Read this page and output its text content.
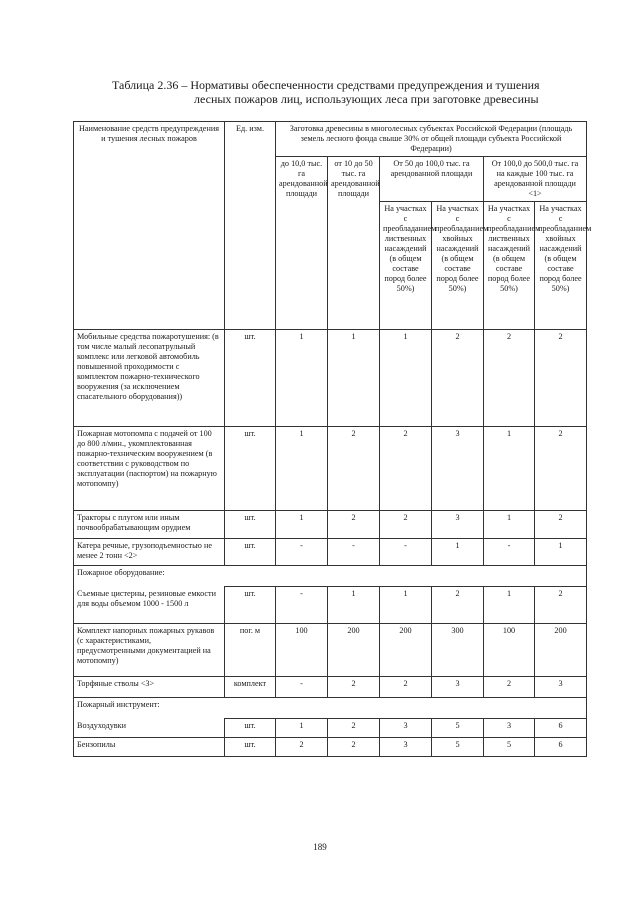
Таблица 2.36 – Нормативы обеспеченности средствами предупреждения и тушения
лесных пожаров лиц, использующих леса при заготовке древесины
Наименование средств предупреждения и тушения лесных пожаров	Ед. изм.	Заготовка древесины в многолесных субъектах Российской Федерации (площадь земель лесного фонда свыше 30% от общей площади субъекта Российской Федерации)					
		до 10,0 тыс. га арендованной площади	от 10 до 50 тыс. га арендованной площади	От 50 до 100,0 тыс. га арендованной площади		От 100,0 до 500,0 тыс. га на каждые 100 тыс. га арендованной площади <1>	
				На участках с преобладанием лиственных насаждений (в общем составе пород более 50%)	На участках с преобладанием хвойных насаждений (в общем составе пород более 50%)	На участках с преобладанием лиственных насаждений (в общем составе пород более 50%)	На участках с преобладанием хвойных насаждений (в общем составе пород более 50%)
Мобильные средства пожаротушения: (в том числе малый лесопатрульный комплекс или легковой автомобиль повышенной проходимости с комплектом пожарно-технического вооружения (за исключением спасательного оборудования))	шт.	1	1	1	2	2	2
Пожарная мотопомпа с подачей от 100 до 800 л/мин., укомплектованная пожарно-техническим вооружением (в соответствии с руководством по эксплуатации (паспортом) на пожарную мотопомпу)	шт.	1	2	2	3	1	2
Тракторы с плугом или иным почвообрабатывающим орудием	шт.	1	2	2	3	1	2
Катера речные, грузоподъемностью не менее 2 тонн <2>	шт.	-	-	-	1	-	1
Пожарное оборудование:							
Съемные цистерны, резиновые емкости для воды объемом 1000 - 1500 л	шт.	-	1	1	2	1	2
Комплект напорных пожарных рукавов (с характеристиками, предусмотренными документацией на мотопомпу)	пог. м	100	200	200	300	100	200
Торфяные стволы <3>	комплект	-	2	2	3	2	3
Пожарный инструмент:							
Воздуходувки	шт.	1	2	3	5	3	6
Бензопилы	шт.	2	2	3	5	5	6
189
